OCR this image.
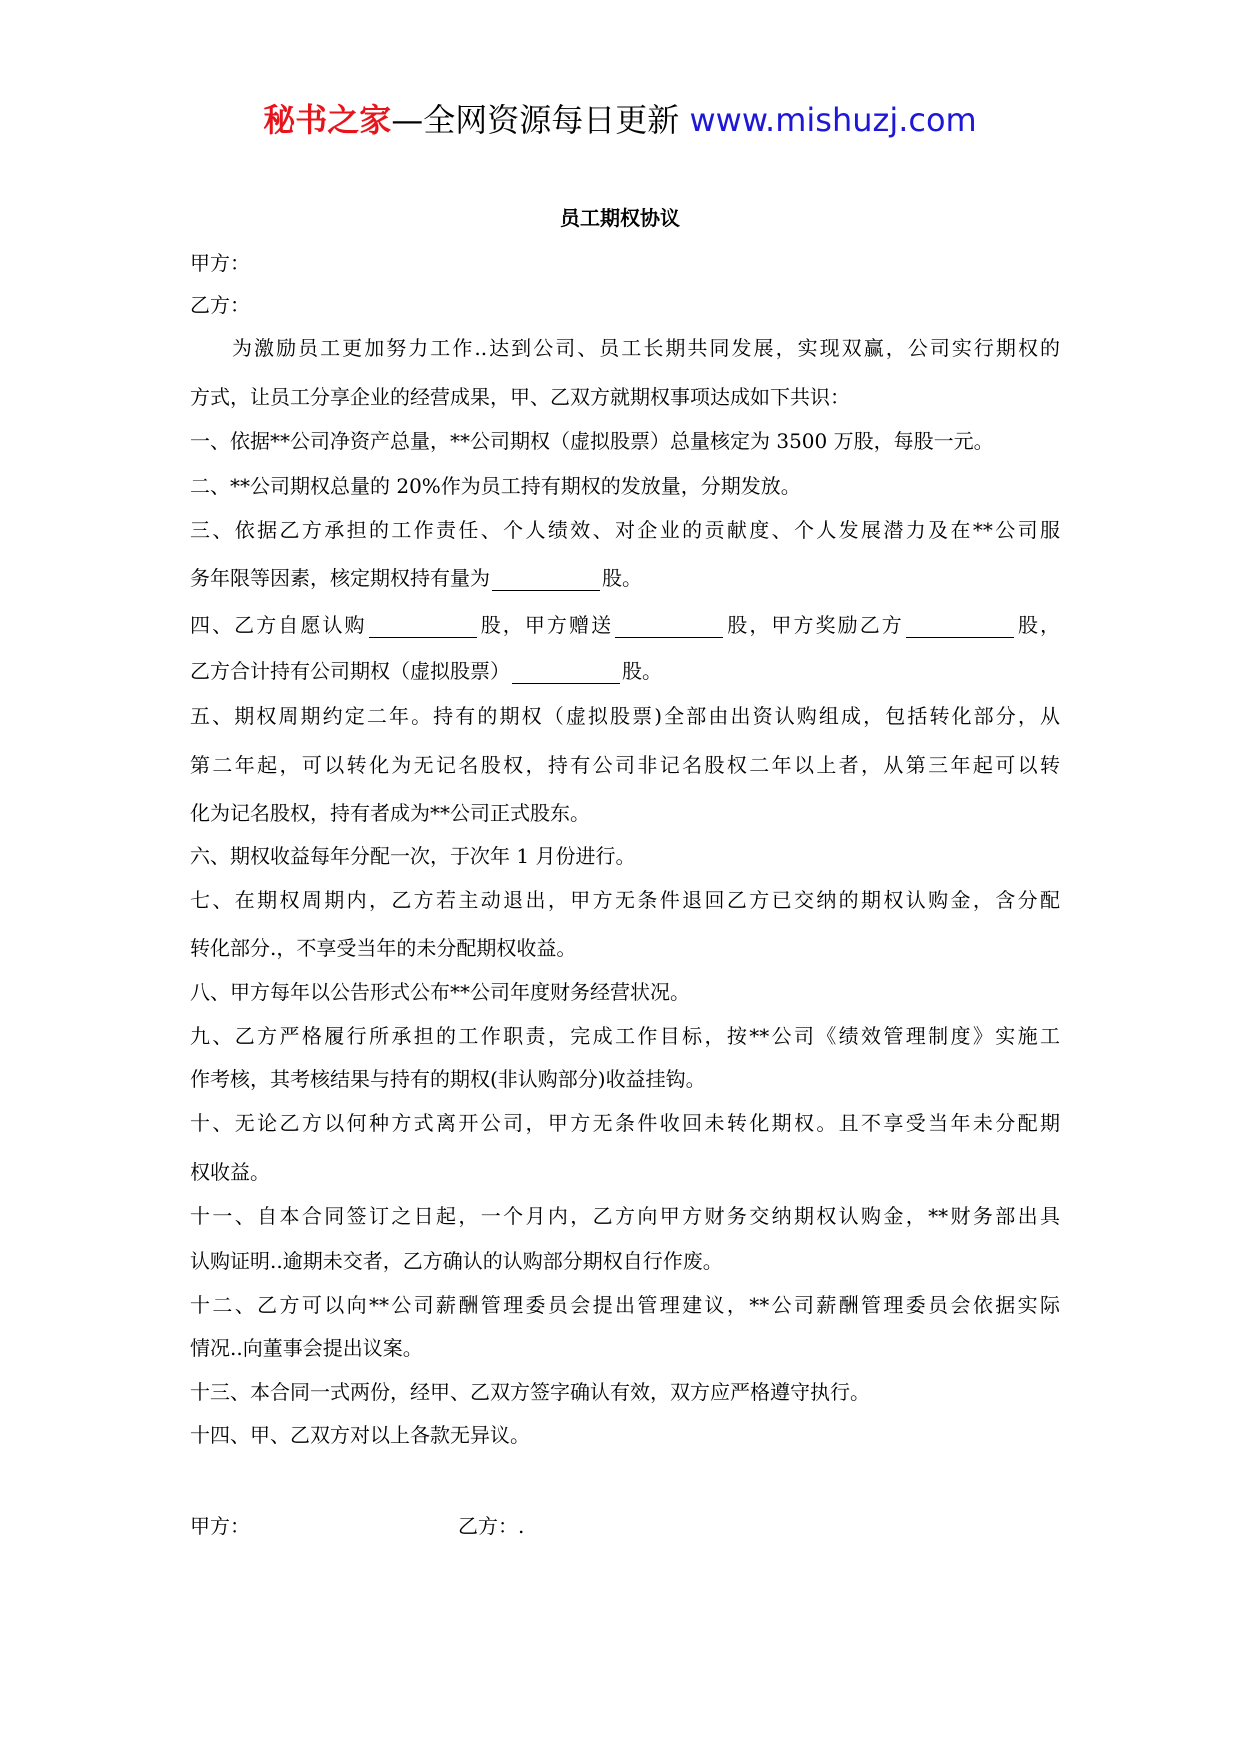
秘书之家—全网资源每日更新 www.mishuzj.com
员工期权协议
甲方：
乙方：
为激励员工更加努力工作..达到公司、员工长期共同发展，实现双赢，公司实行期权的
方式，让员工分享企业的经营成果，甲、乙双方就期权事项达成如下共识：
一、依据**公司净资产总量，**公司期权（虚拟股票）总量核定为 3500 万股，每股一元。
二、**公司期权总量的 20%作为员工持有期权的发放量，分期发放。
三、依据乙方承担的工作责任、个人绩效、对企业的贡献度、个人发展潜力及在**公司服
务年限等因素，核定期权持有量为	股。
四、乙方自愿认购	股，甲方赠送	股，甲方奖励乙方	股，
乙方合计持有公司期权（虚拟股票）	股。
五、期权周期约定二年。持有的期权（虚拟股票)全部由出资认购组成，包括转化部分，从
第二年起，可以转化为无记名股权，持有公司非记名股权二年以上者，从第三年起可以转
化为记名股权，持有者成为**公司正式股东。
六、期权收益每年分配一次，于次年 1 月份进行。
七、在期权周期内，乙方若主动退出，甲方无条件退回乙方已交纳的期权认购金，含分配
转化部分.，不享受当年的未分配期权收益。
八、甲方每年以公告形式公布**公司年度财务经营状况。
九、乙方严格履行所承担的工作职责，完成工作目标，按**公司《绩效管理制度》实施工
作考核，其考核结果与持有的期权(非认购部分)收益挂钩。
十、无论乙方以何种方式离开公司，甲方无条件收回未转化期权。且不享受当年未分配期
权收益。
十一、自本合同签订之日起，一个月内，乙方向甲方财务交纳期权认购金，**财务部出具
认购证明..逾期未交者，乙方确认的认购部分期权自行作废。
十二、乙方可以向**公司薪酬管理委员会提出管理建议，**公司薪酬管理委员会依据实际
情况..向董事会提出议案。
十三、本合同一式两份，经甲、乙双方签字确认有效，双方应严格遵守执行。
十四、甲、乙双方对以上各款无异议。
甲方：	乙方：.
